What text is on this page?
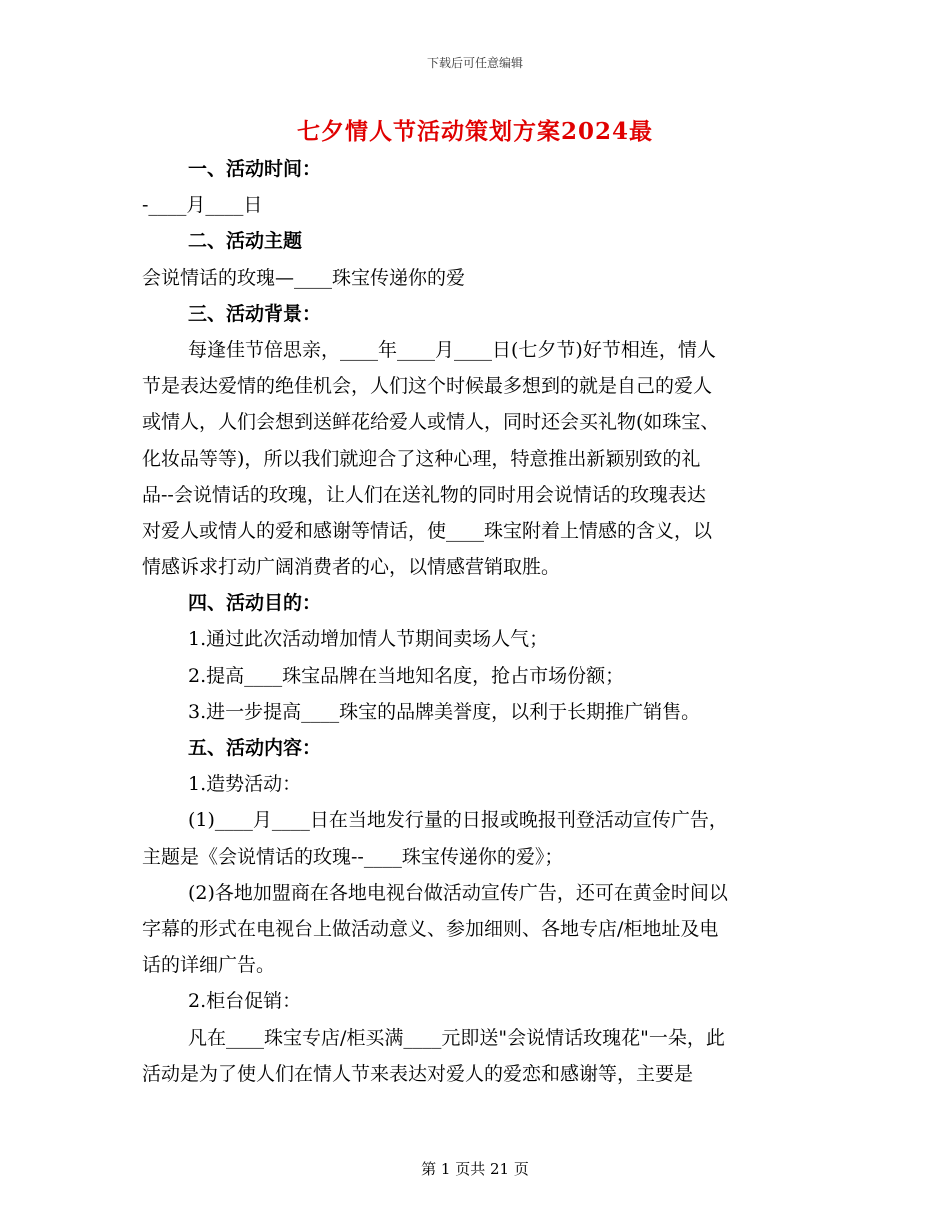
下载后可任意编辑
七夕情人节活动策划方案2024最
一、活动时间：
-____月____日
二、活动主题
会说情话的玫瑰—____珠宝传递你的爱
三、活动背景：
每逢佳节倍思亲，____年____月____日(七夕节)好节相连，情人
节是表达爱情的绝佳机会，人们这个时候最多想到的就是自己的爱人
或情人，人们会想到送鲜花给爱人或情人，同时还会买礼物(如珠宝、
化妆品等等)，所以我们就迎合了这种心理，特意推出新颖别致的礼
品--会说情话的玫瑰，让人们在送礼物的同时用会说情话的玫瑰表达
对爱人或情人的爱和感谢等情话，使____珠宝附着上情感的含义，以
情感诉求打动广阔消费者的心，以情感营销取胜。
四、活动目的：
1.通过此次活动增加情人节期间卖场人气；
2.提高____珠宝品牌在当地知名度，抢占市场份额；
3.进一步提高____珠宝的品牌美誉度，以利于长期推广销售。
五、活动内容：
1.造势活动：
(1)____月____日在当地发行量的日报或晚报刊登活动宣传广告，
主题是《会说情话的玫瑰--____珠宝传递你的爱》；
(2)各地加盟商在各地电视台做活动宣传广告，还可在黄金时间以
字幕的形式在电视台上做活动意义、参加细则、各地专店/柜地址及电
话的详细广告。
2.柜台促销：
凡在____珠宝专店/柜买满____元即送"会说情话玫瑰花"一朵，此
活动是为了使人们在情人节来表达对爱人的爱恋和感谢等，主要是
第 1 页共 21 页
